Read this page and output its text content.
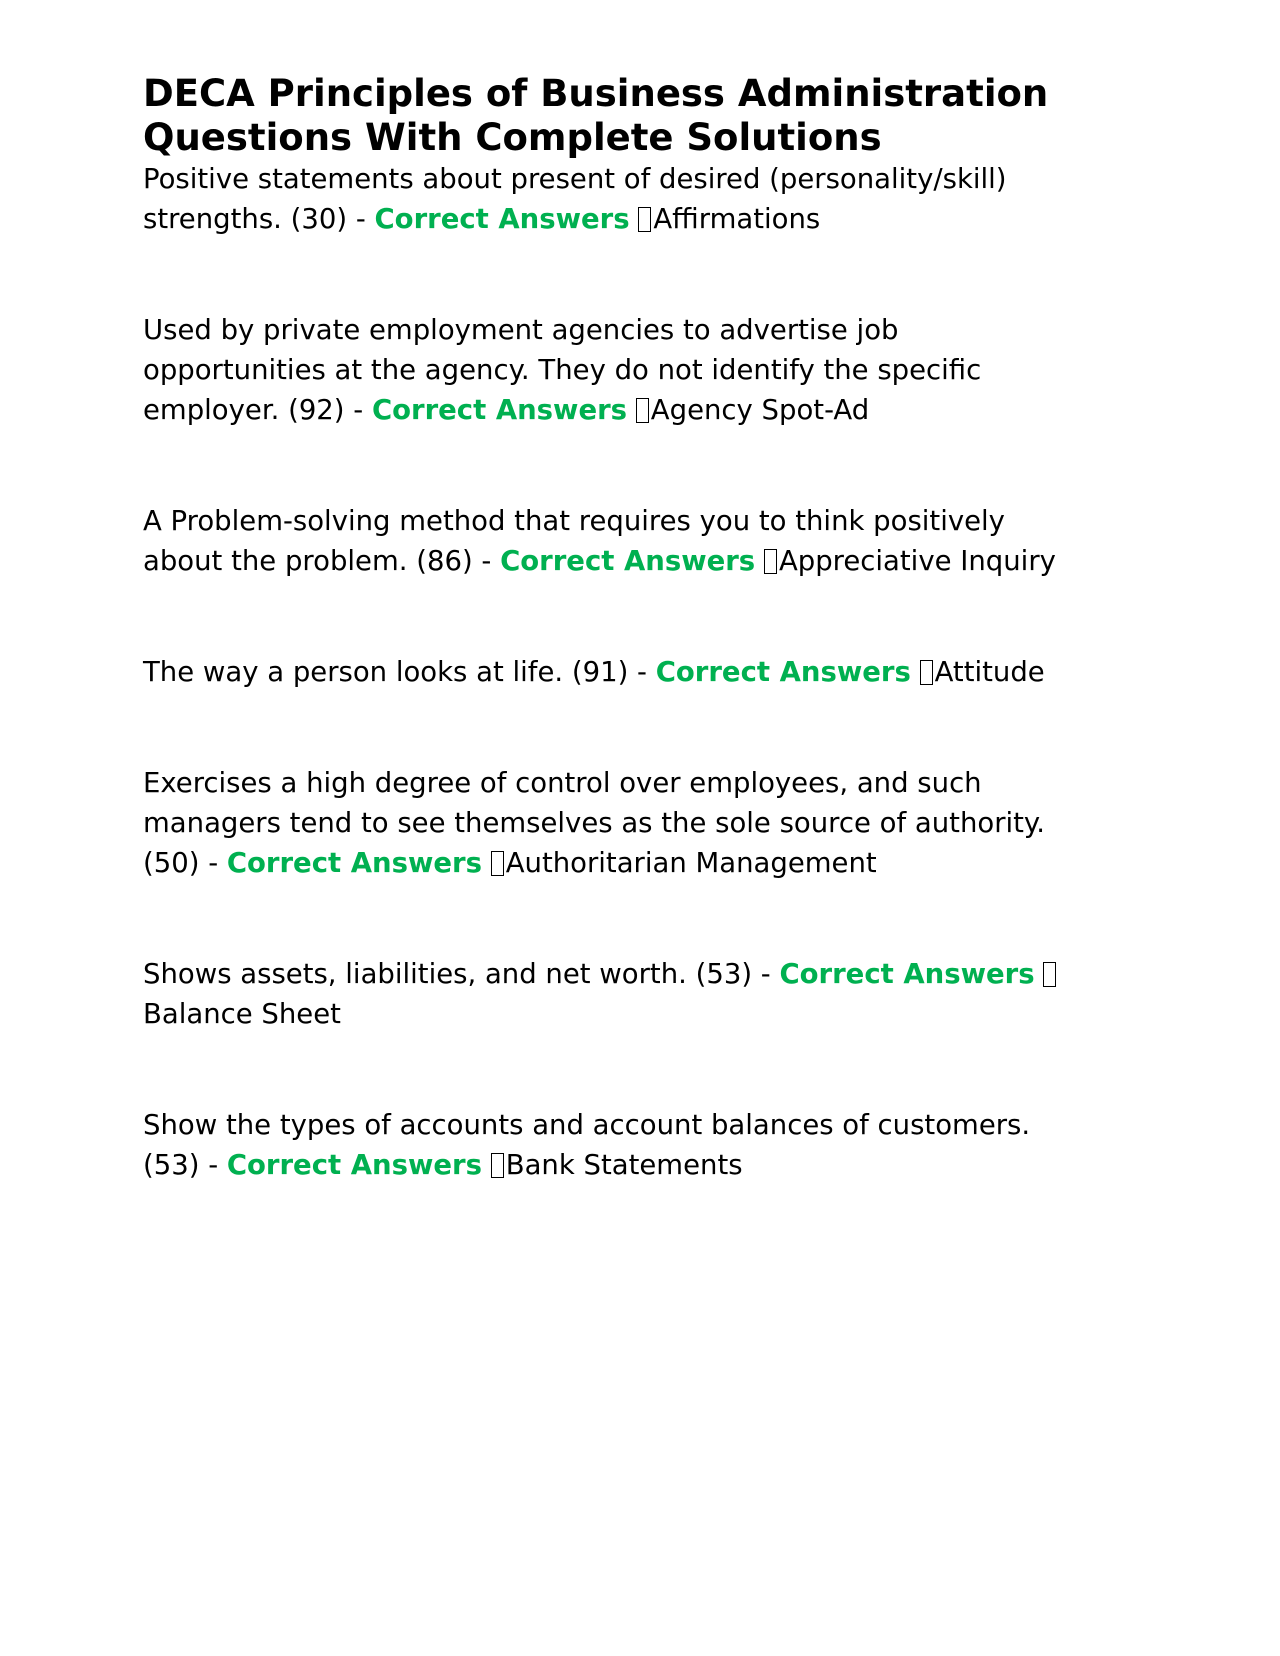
DECA Principles of Business Administration Questions With Complete Solutions

Positive statements about present of desired (personality/skill) strengths. (30) - Correct Answers Affirmations

Used by private employment agencies to advertise job opportunities at the agency. They do not identify the specific employer. (92) - Correct Answers Agency Spot-Ad

A Problem-solving method that requires you to think positively about the problem. (86) - Correct Answers Appreciative Inquiry

The way a person looks at life. (91) - Correct Answers Attitude

Exercises a high degree of control over employees, and such managers tend to see themselves as the sole source of authority. (50) - Correct Answers Authoritarian Management

Shows assets, liabilities, and net worth. (53) - Correct Answers Balance Sheet

Show the types of accounts and account balances of customers. (53) - Correct Answers Bank Statements
